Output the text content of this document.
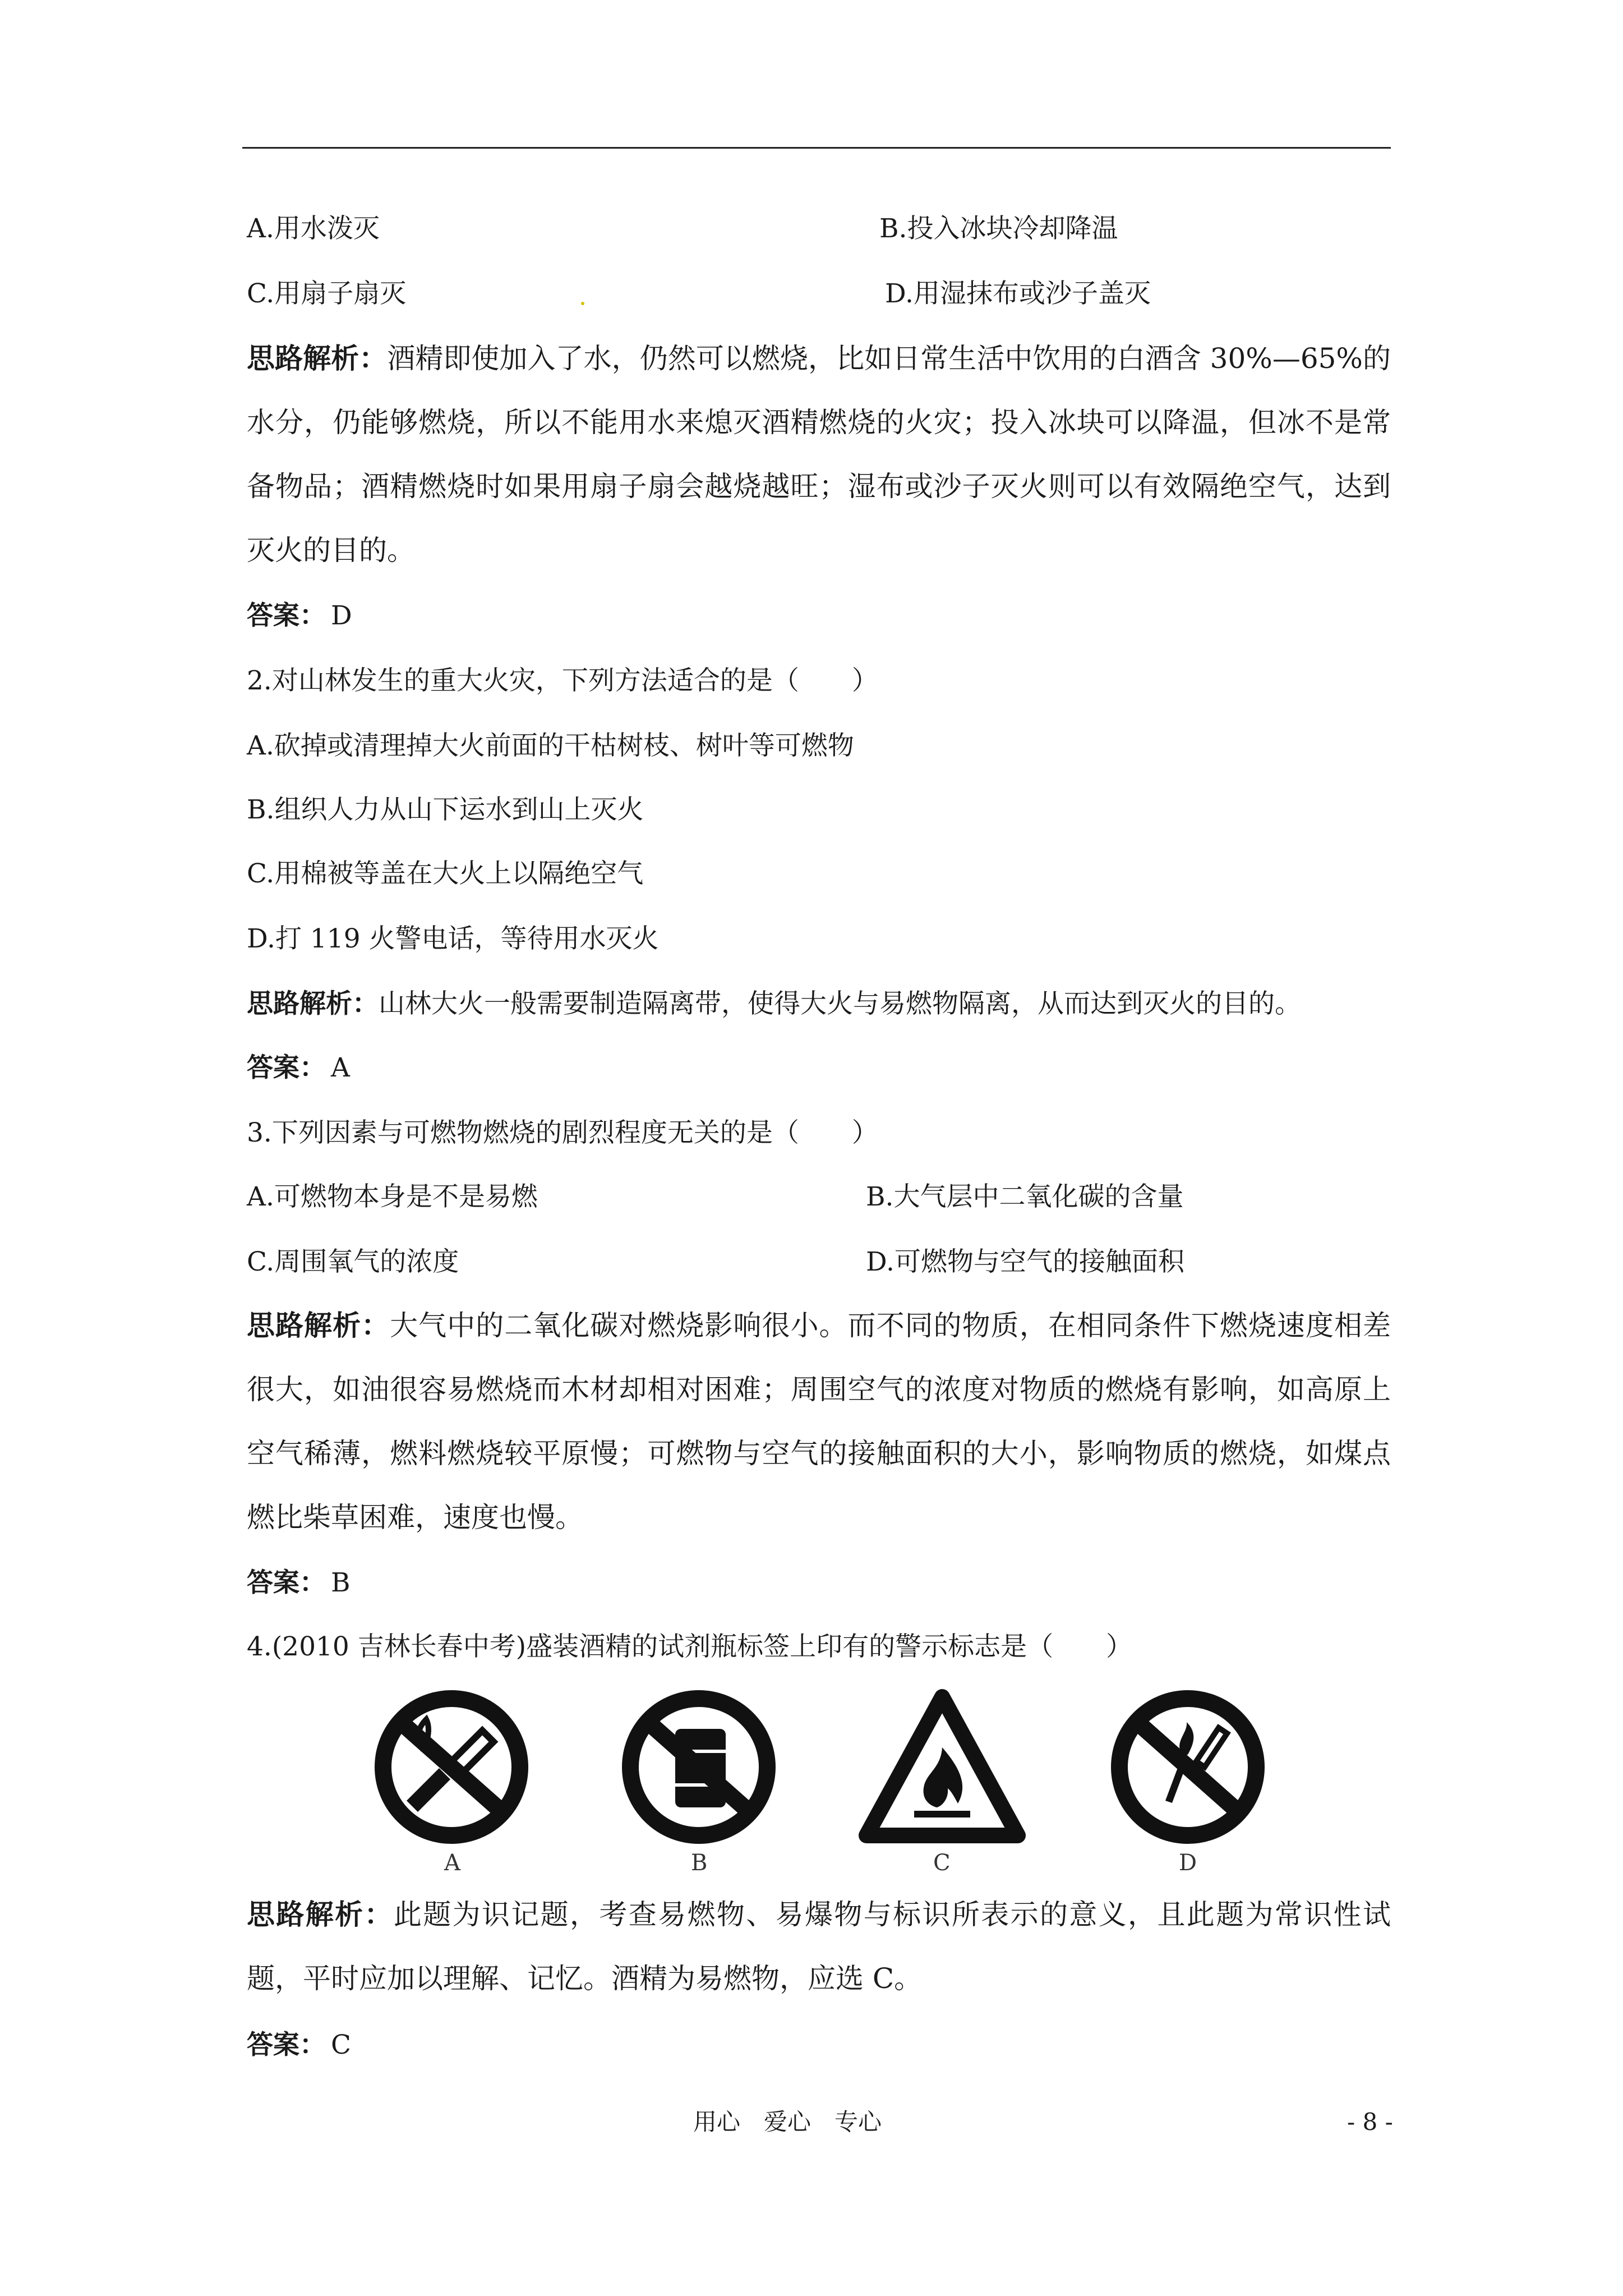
A.用水泼灭	B.投入冰块冷却降温
C.用扇子扇灭	D.用湿抹布或沙子盖灭
思路解析：酒精即使加入了水，仍然可以燃烧，比如日常生活中饮用的白酒含 30%—65%的水分，仍能够燃烧，所以不能用水来熄灭酒精燃烧的火灾；投入冰块可以降温，但冰不是常备物品；酒精燃烧时如果用扇子扇会越烧越旺；湿布或沙子灭火则可以有效隔绝空气，达到灭火的目的。
答案： D
2.对山林发生的重大火灾，下列方法适合的是（　　）
A.砍掉或清理掉大火前面的干枯树枝、树叶等可燃物
B.组织人力从山下运水到山上灭火
C.用棉被等盖在大火上以隔绝空气
D.打 119 火警电话，等待用水灭火
思路解析：山林大火一般需要制造隔离带，使得大火与易燃物隔离，从而达到灭火的目的。
答案： A
3.下列因素与可燃物燃烧的剧烈程度无关的是（　　）
A.可燃物本身是不是易燃	B.大气层中二氧化碳的含量
C.周围氧气的浓度	D.可燃物与空气的接触面积
思路解析：大气中的二氧化碳对燃烧影响很小。而不同的物质，在相同条件下燃烧速度相差很大，如油很容易燃烧而木材却相对困难；周围空气的浓度对物质的燃烧有影响，如高原上空气稀薄，燃料燃烧较平原慢；可燃物与空气的接触面积的大小，影响物质的燃烧，如煤点燃比柴草困难，速度也慢。
答案： B
4.(2010 吉林长春中考)盛装酒精的试剂瓶标签上印有的警示标志是（　　）
A	B	C	D
思路解析：此题为识记题，考查易燃物、易爆物与标识所表示的意义，且此题为常识性试题，平时应加以理解、记忆。酒精为易燃物，应选 C。
答案： C
用心　爱心　专心	- 8 -
